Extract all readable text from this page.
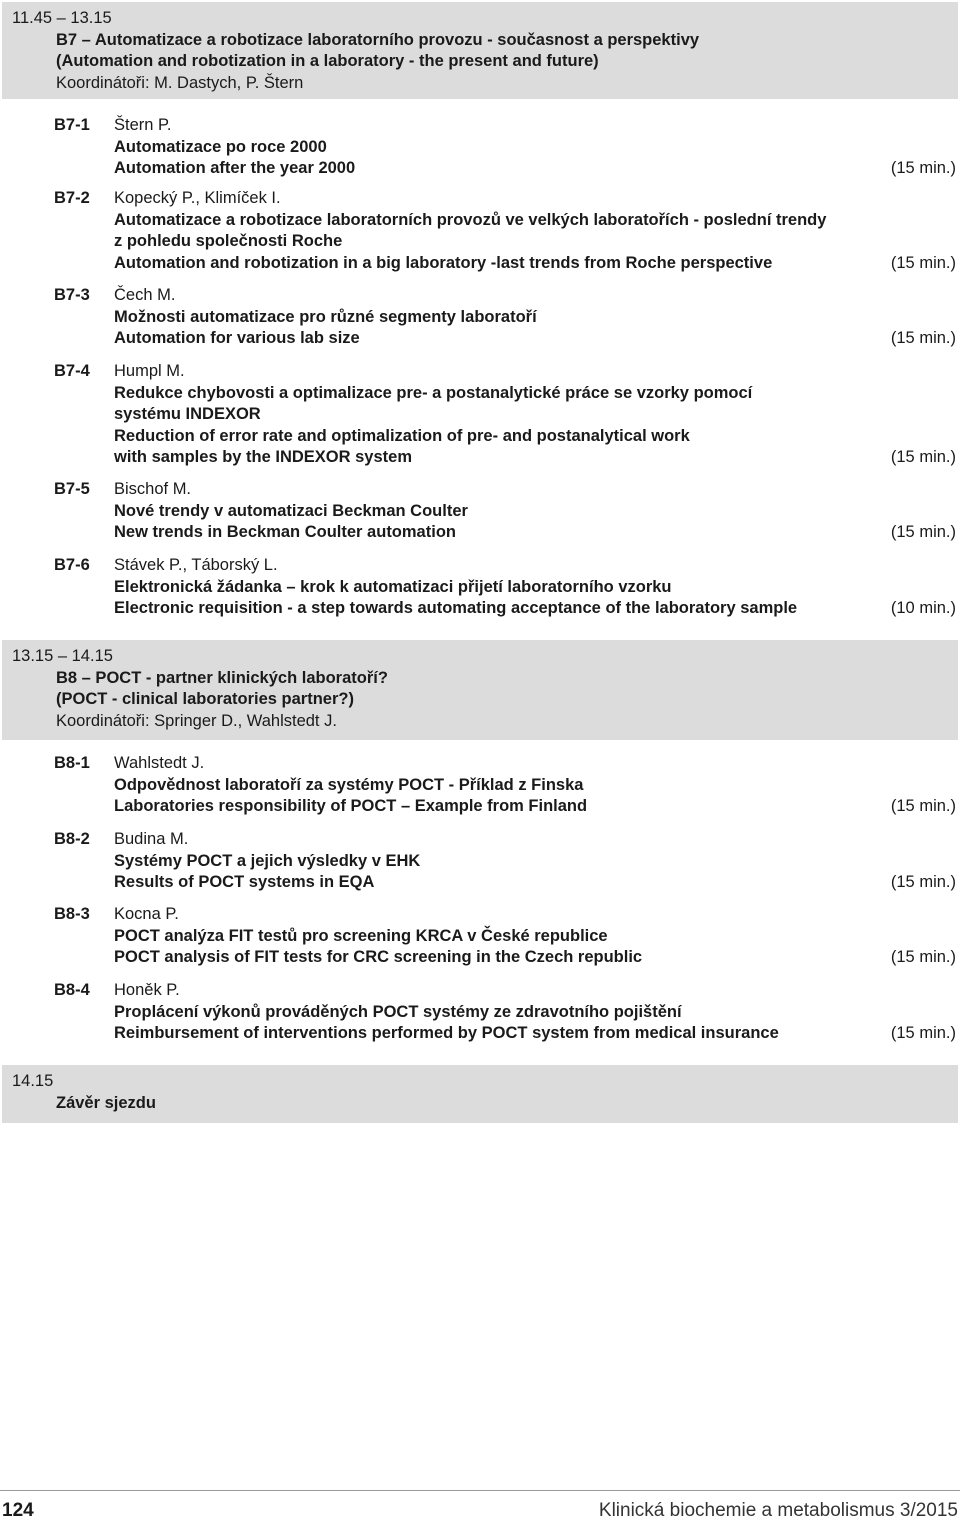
11.45 – 13.15
B7 – Automatizace a robotizace laboratorního provozu - současnost a perspektivy
(Automation and robotization in a laboratory - the present and future)
Koordinátoři: M. Dastych, P. Štern
B7-1	Štern P.
Automatizace po roce 2000
Automation after the year 2000	(15 min.)
B7-2	Kopecký P., Klimíček I.
Automatizace a robotizace laboratorních provozů ve velkých laboratořích - poslední trendy
z pohledu společnosti Roche
Automation and robotization in a big laboratory -last trends from Roche perspective	(15 min.)
B7-3	Čech M.
Možnosti automatizace pro různé segmenty laboratoří
Automation for various lab size	(15 min.)
B7-4	Humpl M.
Redukce chybovosti a optimalizace pre- a postanalytické práce se vzorky pomocí
systému INDEXOR
Reduction of error rate and optimalization of pre- and postanalytical work
with samples by the INDEXOR system	(15 min.)
B7-5	Bischof M.
Nové trendy v automatizaci Beckman Coulter
New trends in Beckman Coulter automation	(15 min.)
B7-6	Stávek P., Táborský L.
Elektronická žádanka – krok k automatizaci přijetí laboratorního vzorku
Electronic requisition - a step towards automating acceptance of the laboratory sample	(10 min.)
13.15 – 14.15
B8 – POCT - partner klinických laboratoří?
(POCT - clinical laboratories partner?)
Koordinátoři: Springer D., Wahlstedt J.
B8-1	Wahlstedt J.
Odpovědnost laboratoří za systémy POCT - Příklad z Finska
Laboratories responsibility of POCT – Example from Finland	(15 min.)
B8-2	Budina M.
Systémy POCT a jejich výsledky v EHK
Results of POCT systems in EQA	(15 min.)
B8-3	Kocna P.
POCT analýza FIT testů pro screening KRCA v České republice
POCT analysis of FIT tests for CRC screening in the Czech republic	(15 min.)
B8-4	Honěk P.
Proplácení výkonů prováděných POCT systémy ze zdravotního pojištění
Reimbursement of interventions performed by POCT system from medical insurance	(15 min.)
14.15
Závěr sjezdu
124	Klinická biochemie a metabolismus 3/2015
